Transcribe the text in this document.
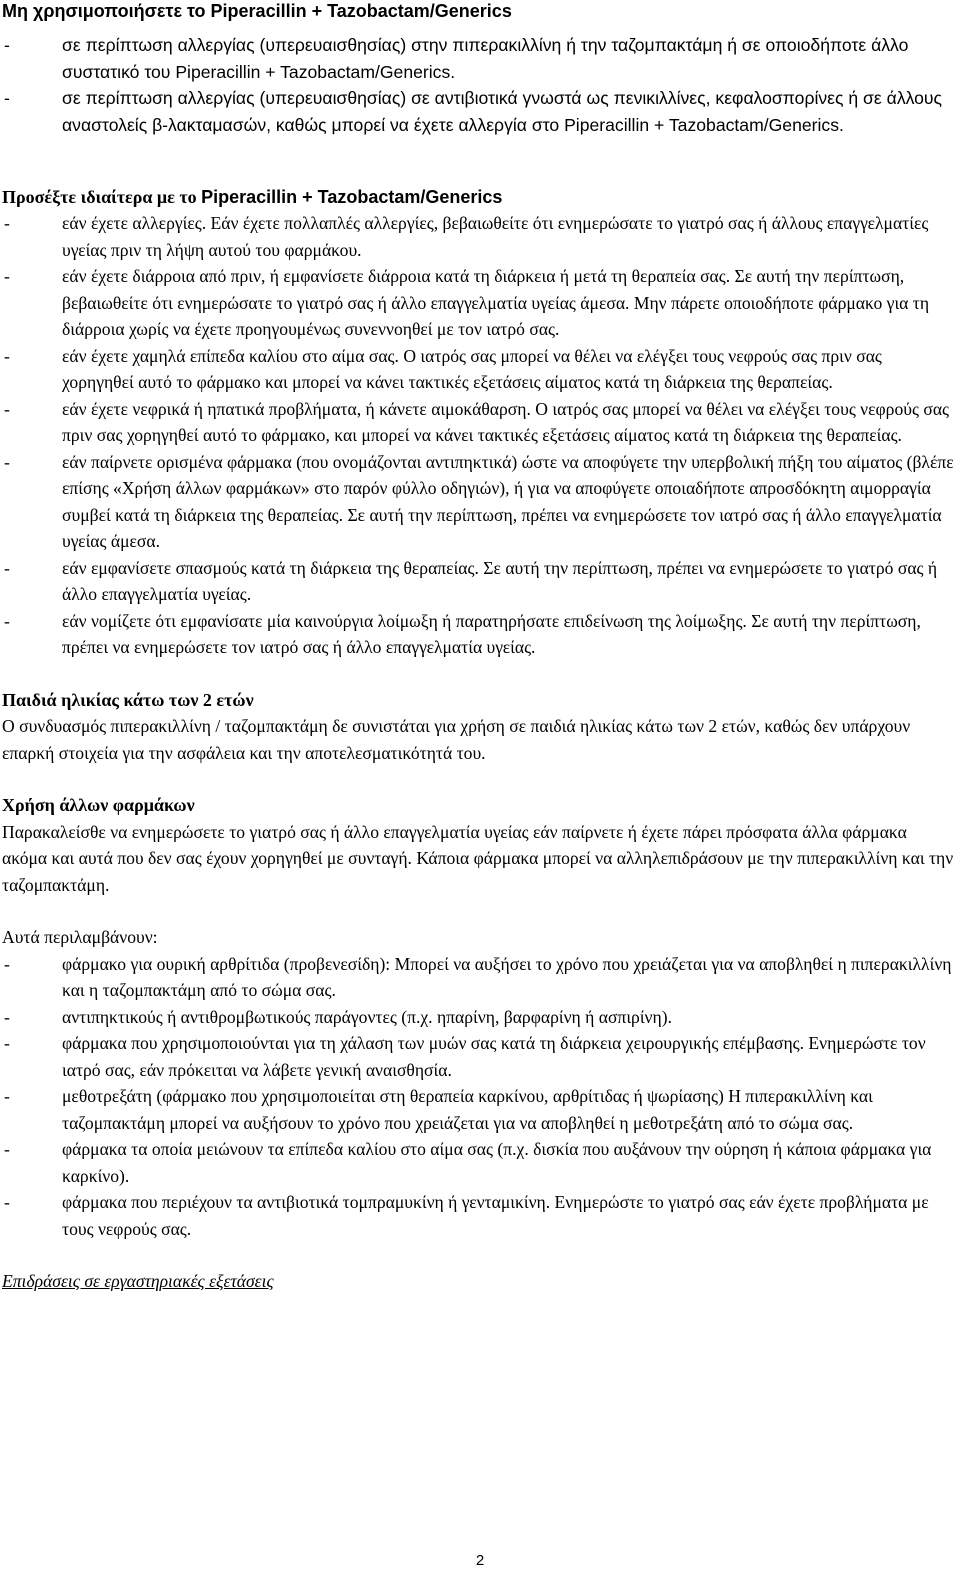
Μη χρησιμοποιήσετε το Piperacillin + Tazobactam/Generics
- σε περίπτωση αλλεργίας (υπερευαισθησίας) στην πιπερακιλλίνη ή την ταζομπακτάμη ή σε οποιοδήποτε άλλο συστατικό του Piperacillin + Tazobactam/Generics.
- σε περίπτωση αλλεργίας (υπερευαισθησίας) σε αντιβιοτικά γνωστά ως πενικιλλίνες, κεφαλοσπορίνες ή σε άλλους αναστολείς β-λακταμασών, καθώς μπορεί να έχετε αλλεργία στο Piperacillin + Tazobactam/Generics.
Προσέξτε ιδιαίτερα με το Piperacillin + Tazobactam/Generics
- εάν έχετε αλλεργίες. Εάν έχετε πολλαπλές αλλεργίες, βεβαιωθείτε ότι ενημερώσατε το γιατρό σας ή άλλους επαγγελματίες υγείας πριν τη λήψη αυτού του φαρμάκου.
- εάν έχετε διάρροια από πριν, ή εμφανίσετε διάρροια κατά τη διάρκεια ή μετά τη θεραπεία σας. Σε αυτή την περίπτωση, βεβαιωθείτε ότι ενημερώσατε το γιατρό σας ή άλλο επαγγελματία υγείας άμεσα. Μην πάρετε οποιοδήποτε φάρμακο για τη διάρροια χωρίς να έχετε προηγουμένως συνεννοηθεί με τον ιατρό σας.
- εάν έχετε χαμηλά επίπεδα καλίου στο αίμα σας. Ο ιατρός σας μπορεί να θέλει να ελέγξει τους νεφρούς σας πριν σας χορηγηθεί αυτό το φάρμακο και μπορεί να κάνει τακτικές εξετάσεις αίματος κατά τη διάρκεια της θεραπείας.
- εάν έχετε νεφρικά ή ηπατικά προβλήματα, ή κάνετε αιμοκάθαρση. Ο ιατρός σας μπορεί να θέλει να ελέγξει τους νεφρούς σας πριν σας χορηγηθεί αυτό το φάρμακο, και μπορεί να κάνει τακτικές εξετάσεις αίματος κατά τη διάρκεια της θεραπείας.
- εάν παίρνετε ορισμένα φάρμακα (που ονομάζονται αντιπηκτικά) ώστε να αποφύγετε την υπερβολική πήξη του αίματος (βλέπε επίσης «Χρήση άλλων φαρμάκων» στο παρόν φύλλο οδηγιών), ή για να αποφύγετε οποιαδήποτε απροσδόκητη αιμορραγία συμβεί κατά τη διάρκεια της θεραπείας. Σε αυτή την περίπτωση, πρέπει να ενημερώσετε τον ιατρό σας ή άλλο επαγγελματία υγείας άμεσα.
- εάν εμφανίσετε σπασμούς κατά τη διάρκεια της θεραπείας. Σε αυτή την περίπτωση, πρέπει να ενημερώσετε το γιατρό σας ή άλλο επαγγελματία υγείας.
- εάν νομίζετε ότι εμφανίσατε μία καινούργια λοίμωξη ή παρατηρήσατε επιδείνωση της λοίμωξης. Σε αυτή την περίπτωση, πρέπει να ενημερώσετε τον ιατρό σας ή άλλο επαγγελματία υγείας.
Παιδιά ηλικίας κάτω των 2 ετών

Ο συνδυασμός πιπερακιλλίνη / ταζομπακτάμη δε συνιστάται για χρήση σε παιδιά ηλικίας κάτω των 2 ετών, καθώς δεν υπάρχουν επαρκή στοιχεία για την ασφάλεια και την αποτελεσματικότητά του.

Χρήση άλλων φαρμάκων

Παρακαλείσθε να ενημερώσετε το γιατρό σας ή άλλο επαγγελματία υγείας εάν παίρνετε ή έχετε πάρει πρόσφατα άλλα φάρμακα ακόμα και αυτά που δεν σας έχουν χορηγηθεί με συνταγή. Κάποια φάρμακα μπορεί να αλληλεπιδράσουν με την πιπερακιλλίνη και την ταζομπακτάμη.

Αυτά περιλαμβάνουν:

- φάρμακο για ουρική αρθρίτιδα (προβενεσίδη): Μπορεί να αυξήσει το χρόνο που χρειάζεται για να αποβληθεί η πιπερακιλλίνη και η ταζομπακτάμη από το σώμα σας.
- αντιπηκτικούς ή αντιθρομβωτικούς παράγοντες (π.χ. ηπαρίνη, βαρφαρίνη ή ασπιρίνη).
- φάρμακα που χρησιμοποιούνται για τη χάλαση των μυών σας κατά τη διάρκεια χειρουργικής επέμβασης. Ενημερώστε τον ιατρό σας, εάν πρόκειται να λάβετε γενική αναισθησία.
- μεθοτρεξάτη (φάρμακο που χρησιμοποιείται στη θεραπεία καρκίνου, αρθρίτιδας ή ψωρίασης) Η πιπερακιλλίνη και ταζομπακτάμη μπορεί να αυξήσουν το χρόνο που χρειάζεται για να αποβληθεί η μεθοτρεξάτη από το σώμα σας.
- φάρμακα τα οποία μειώνουν τα επίπεδα καλίου στο αίμα σας (π.χ. δισκία που αυξάνουν την ούρηση ή κάποια φάρμακα για καρκίνο).
- φάρμακα που περιέχουν τα αντιβιοτικά τομπραμυκίνη ή γενταμικίνη. Ενημερώστε το γιατρό σας εάν έχετε προβλήματα με τους νεφρούς σας.

Επιδράσεις σε εργαστηριακές εξετάσεις

2
